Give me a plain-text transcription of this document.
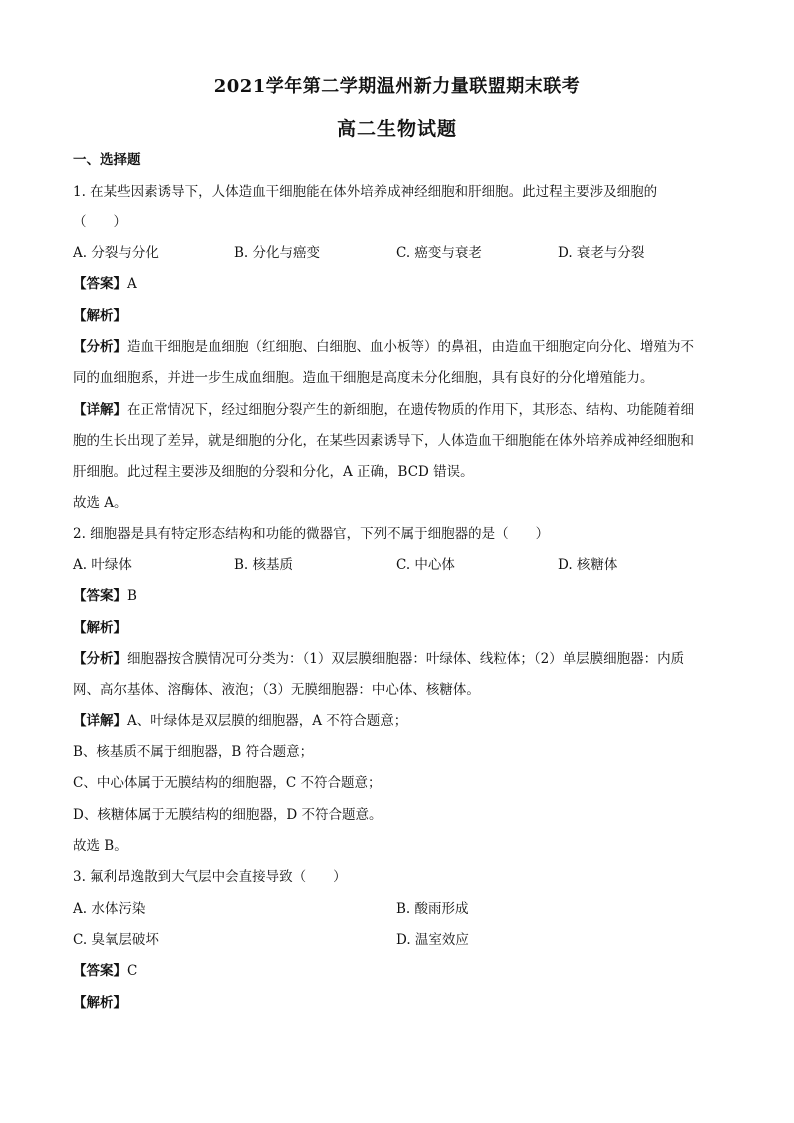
2021学年第二学期温州新力量联盟期末联考
高二生物试题
一、选择题
1. 在某些因素诱导下，人体造血干细胞能在体外培养成神经细胞和肝细胞。此过程主要涉及细胞的
（　　）
A. 分裂与分化	B. 分化与癌变	C. 癌变与衰老	D. 衰老与分裂
【答案】A
【解析】
【分析】造血干细胞是血细胞（红细胞、白细胞、血小板等）的鼻祖，由造血干细胞定向分化、增殖为不
同的血细胞系，并进一步生成血细胞。造血干细胞是高度未分化细胞，具有良好的分化增殖能力。
【详解】在正常情况下，经过细胞分裂产生的新细胞，在遗传物质的作用下，其形态、结构、功能随着细
胞的生长出现了差异，就是细胞的分化，在某些因素诱导下，人体造血干细胞能在体外培养成神经细胞和
肝细胞。此过程主要涉及细胞的分裂和分化，A 正确，BCD 错误。
故选 A。
2. 细胞器是具有特定形态结构和功能的微器官，下列不属于细胞器的是（　　）
A. 叶绿体	B. 核基质	C. 中心体	D. 核糖体
【答案】B
【解析】
【分析】细胞器按含膜情况可分类为：（1）双层膜细胞器：叶绿体、线粒体；（2）单层膜细胞器：内质
网、高尔基体、溶酶体、液泡；（3）无膜细胞器：中心体、核糖体。
【详解】A、叶绿体是双层膜的细胞器，A 不符合题意；
B、核基质不属于细胞器，B 符合题意；
C、中心体属于无膜结构的细胞器，C 不符合题意；
D、核糖体属于无膜结构的细胞器，D 不符合题意。
故选 B。
3. 氟利昂逸散到大气层中会直接导致（　　）
A. 水体污染	B. 酸雨形成
C. 臭氧层破坏	D. 温室效应
【答案】C
【解析】
